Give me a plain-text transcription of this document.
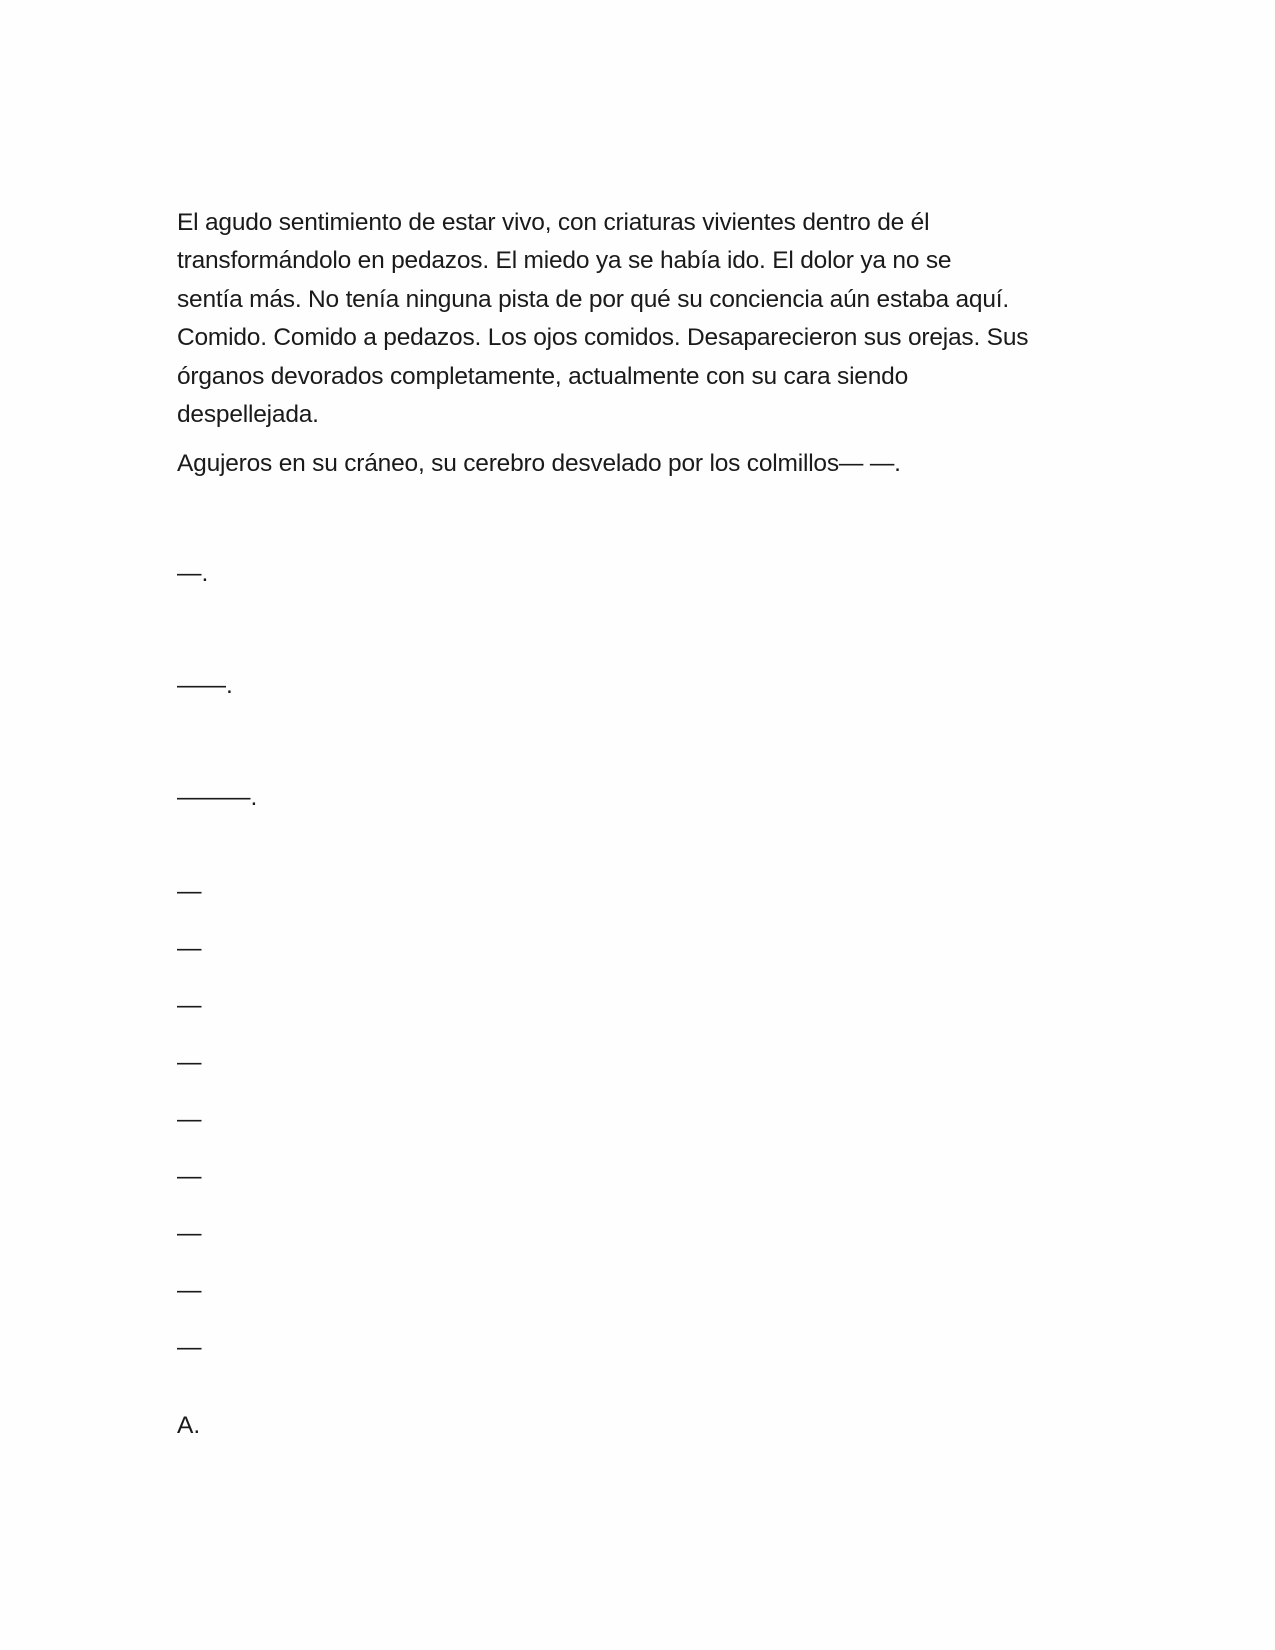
El agudo sentimiento de estar vivo, con criaturas vivientes dentro de él
transformándolo en pedazos. El miedo ya se había ido. El dolor ya no se
sentía más. No tenía ninguna pista de por qué su conciencia aún estaba aquí.
Comido. Comido a pedazos. Los ojos comidos. Desaparecieron sus orejas. Sus
órganos devorados completamente, actualmente con su cara siendo
despellejada.

Agujeros en su cráneo, su cerebro desvelado por los colmillos— —.

—.

——.

———.

—

—

—

—

—

—

—

—

—

A.
